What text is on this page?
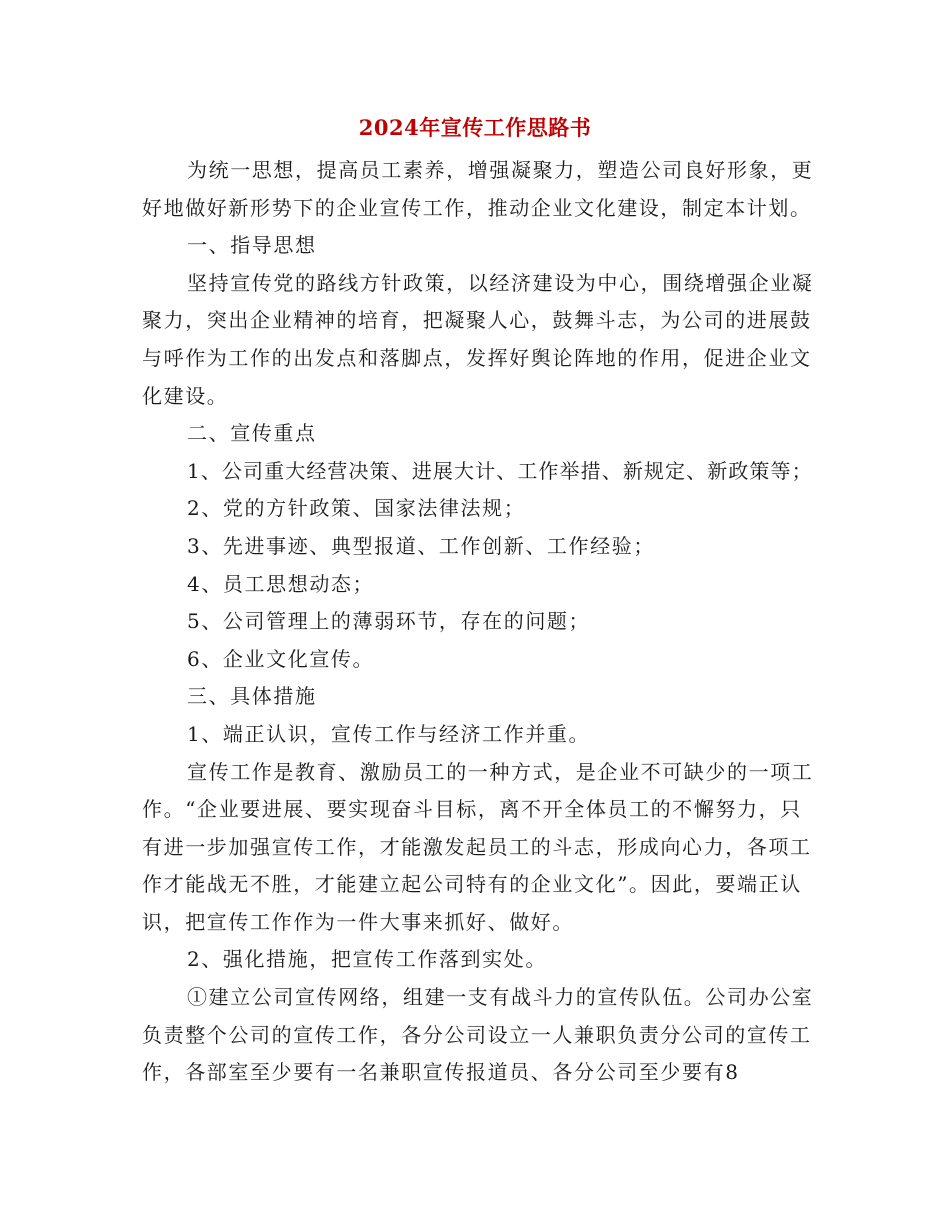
2024年宣传工作思路书

为统一思想，提高员工素养，增强凝聚力，塑造公司良好形象，更好地做好新形势下的企业宣传工作，推动企业文化建设，制定本计划。

一、指导思想

坚持宣传党的路线方针政策，以经济建设为中心，围绕增强企业凝聚力，突出企业精神的培育，把凝聚人心，鼓舞斗志，为公司的进展鼓与呼作为工作的出发点和落脚点，发挥好舆论阵地的作用，促进企业文化建设。

二、宣传重点

1、公司重大经营决策、进展大计、工作举措、新规定、新政策等；

2、党的方针政策、国家法律法规；

3、先进事迹、典型报道、工作创新、工作经验；

4、员工思想动态；

5、公司管理上的薄弱环节，存在的问题；

6、企业文化宣传。

三、具体措施

1、端正认识，宣传工作与经济工作并重。

宣传工作是教育、激励员工的一种方式，是企业不可缺少的一项工作。“企业要进展、要实现奋斗目标，离不开全体员工的不懈努力，只有进一步加强宣传工作，才能激发起员工的斗志，形成向心力，各项工作才能战无不胜，才能建立起公司特有的企业文化”。因此，要端正认识，把宣传工作作为一件大事来抓好、做好。

2、强化措施，把宣传工作落到实处。

①建立公司宣传网络，组建一支有战斗力的宣传队伍。公司办公室负责整个公司的宣传工作，各分公司设立一人兼职负责分公司的宣传工作，各部室至少要有一名兼职宣传报道员、各分公司至少要有8
